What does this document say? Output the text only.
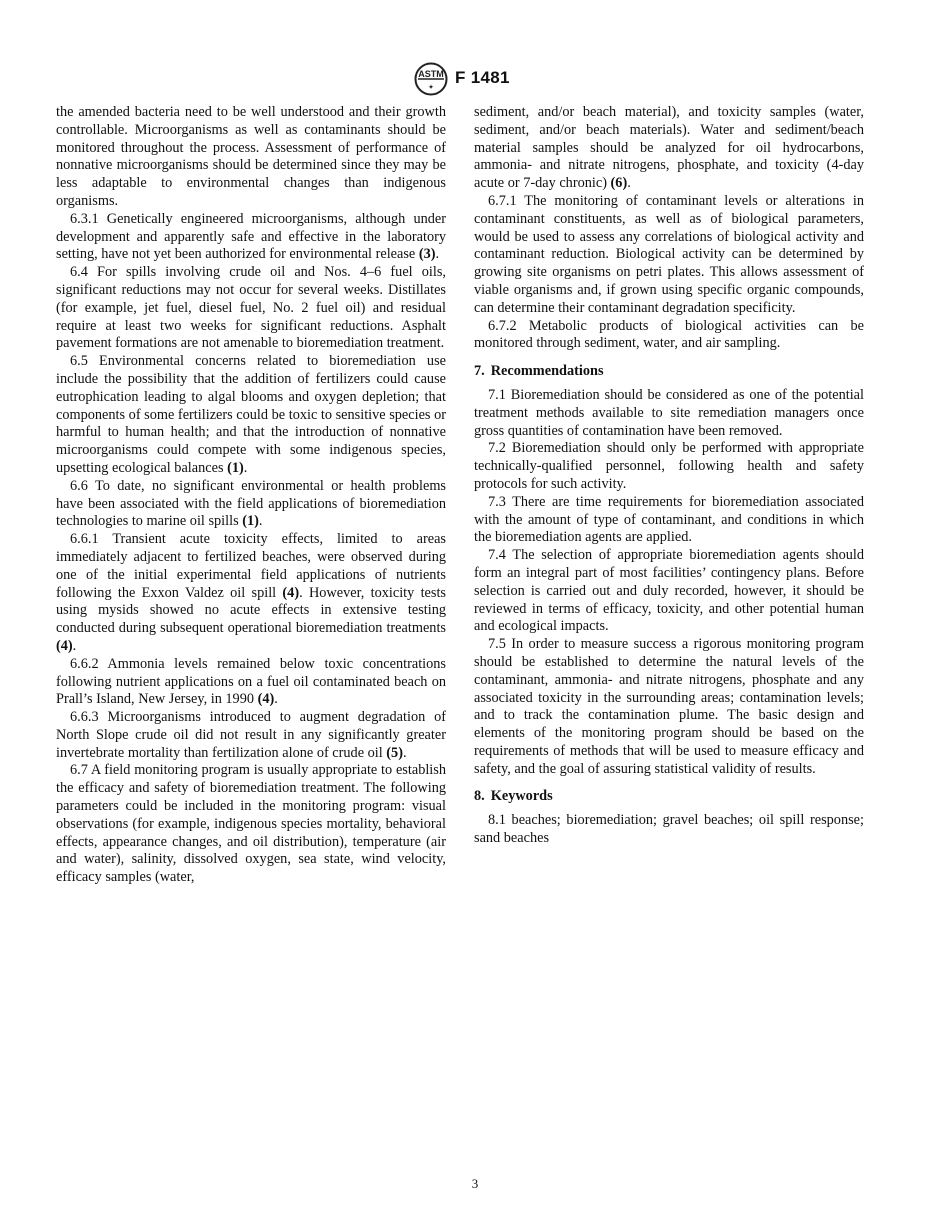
ASTM
✦
F 1481

the amended bacteria need to be well understood and their growth controllable. Microorganisms as well as contaminants should be monitored throughout the process. Assessment of performance of nonnative microorganisms should be determined since they may be less adaptable to environmental changes than indigenous organisms.

6.3.1 Genetically engineered microorganisms, although under development and apparently safe and effective in the laboratory setting, have not yet been authorized for environmental release (3).

6.4 For spills involving crude oil and Nos. 4–6 fuel oils, significant reductions may not occur for several weeks. Distillates (for example, jet fuel, diesel fuel, No. 2 fuel oil) and residual require at least two weeks for significant reductions. Asphalt pavement formations are not amenable to bioremediation treatment.

6.5 Environmental concerns related to bioremediation use include the possibility that the addition of fertilizers could cause eutrophication leading to algal blooms and oxygen depletion; that components of some fertilizers could be toxic to sensitive species or harmful to human health; and that the introduction of nonnative microorganisms could compete with some indigenous species, upsetting ecological balances (1).

6.6 To date, no significant environmental or health problems have been associated with the field applications of bioremediation technologies to marine oil spills (1).

6.6.1 Transient acute toxicity effects, limited to areas immediately adjacent to fertilized beaches, were observed during one of the initial experimental field applications of nutrients following the Exxon Valdez oil spill (4). However, toxicity tests using mysids showed no acute effects in extensive testing conducted during subsequent operational bioremediation treatments (4).

6.6.2 Ammonia levels remained below toxic concentrations following nutrient applications on a fuel oil contaminated beach on Prall’s Island, New Jersey, in 1990 (4).

6.6.3 Microorganisms introduced to augment degradation of North Slope crude oil did not result in any significantly greater invertebrate mortality than fertilization alone of crude oil (5).

6.7 A field monitoring program is usually appropriate to establish the efficacy and safety of bioremediation treatment. The following parameters could be included in the monitoring program: visual observations (for example, indigenous species mortality, behavioral effects, appearance changes, and oil distribution), temperature (air and water), salinity, dissolved oxygen, sea state, wind velocity, efficacy samples (water,

sediment, and/or beach material), and toxicity samples (water, sediment, and/or beach materials). Water and sediment/beach material samples should be analyzed for oil hydrocarbons, ammonia- and nitrate nitrogens, phosphate, and toxicity (4-day acute or 7-day chronic) (6).

6.7.1 The monitoring of contaminant levels or alterations in contaminant constituents, as well as of biological parameters, would be used to assess any correlations of biological activity and contaminant reduction. Biological activity can be determined by growing site organisms on petri plates. This allows assessment of viable organisms and, if grown using specific organic compounds, can determine their contaminant degradation specificity.

6.7.2 Metabolic products of biological activities can be monitored through sediment, water, and air sampling.

7. Recommendations

7.1 Bioremediation should be considered as one of the potential treatment methods available to site remediation managers once gross quantities of contamination have been removed.

7.2 Bioremediation should only be performed with appropriate technically-qualified personnel, following health and safety protocols for such activity.

7.3 There are time requirements for bioremediation associated with the amount of type of contaminant, and conditions in which the bioremediation agents are applied.

7.4 The selection of appropriate bioremediation agents should form an integral part of most facilities’ contingency plans. Before selection is carried out and duly recorded, however, it should be reviewed in terms of efficacy, toxicity, and other potential human and ecological impacts.

7.5 In order to measure success a rigorous monitoring program should be established to determine the natural levels of the contaminant, ammonia- and nitrate nitrogens, phosphate and any associated toxicity in the surrounding areas; contamination levels; and to track the contamination plume. The basic design and elements of the monitoring program should be based on the requirements of methods that will be used to measure efficacy and safety, and the goal of assuring statistical validity of results.

8. Keywords

8.1 beaches; bioremediation; gravel beaches; oil spill response; sand beaches

3
